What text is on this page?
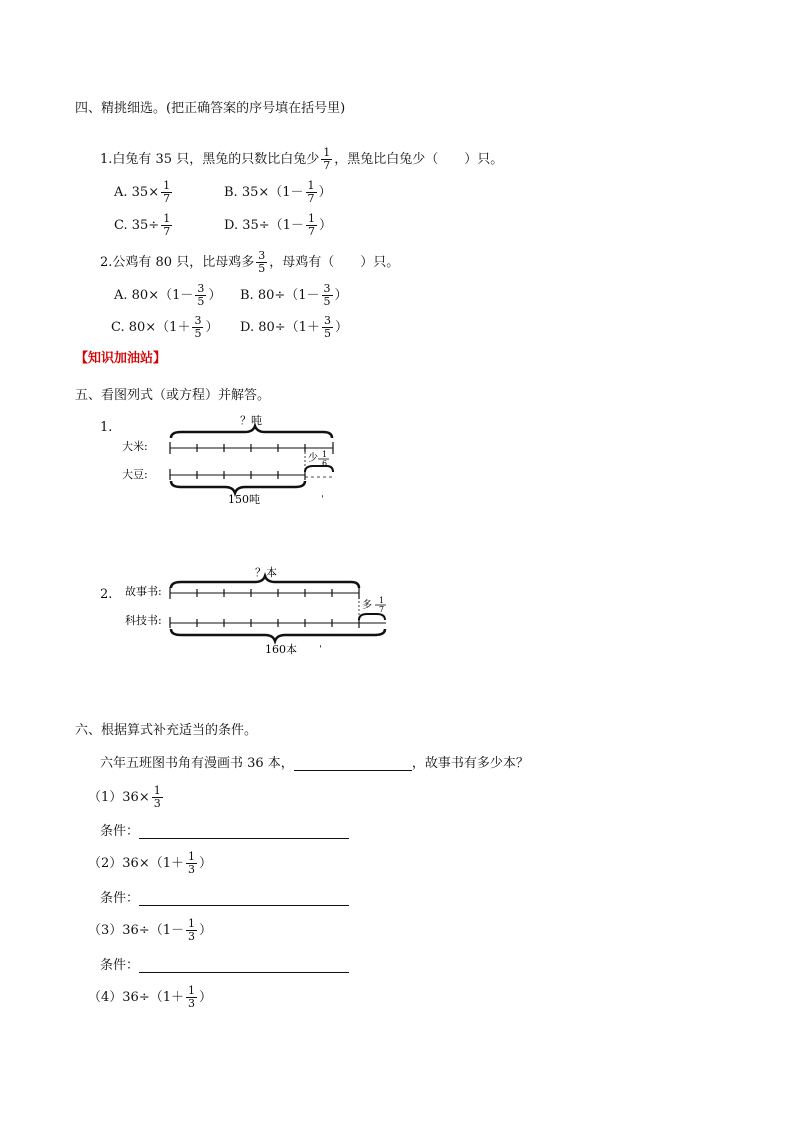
四、精挑细选。(把正确答案的序号填在括号里)
1.白兔有 35 只，黑兔的只数比白兔少 $\frac{1}{7}$ ，黑兔比白兔少（　　）只。
A. $35\times \frac{1}{7}$	B. $35\times(1- \frac{1}{7}$ ）
C. $35\div \frac{1}{7}$	D. $35\div(1- \frac{1}{7}$ ）
2.公鸡有 80 只，比母鸡多 $\frac{3}{5}$ ，母鸡有（　　）只。
A. $80\times(1- \frac{3}{5}$ ） B. $80\div(1- \frac{3}{5}$ ）
C. $80\times(1+ \frac{3}{5}$ ） D. $80\div(1+ \frac{3}{5}$ ）
【知识加油站】
五、看图列式（或方程）并解答。
1.	？吨
大米:
少 1
6
大豆:
150吨	ˈ
2.
？本
故事书:
多 1
7
科技书:
160本 ˈ
六、根据算式补充适当的条件。
六年五班图书角有漫画书 36 本，	，故事书有多少本？
$(1)36\times \frac{1}{3}$
条件：
$(2)36\times(1+ \frac{1}{3}$ ）
条件：
$(3)36\div(1- \frac{1}{3}$ ）
条件：
$(4)36\div(1+ \frac{1}{3}$ ）
